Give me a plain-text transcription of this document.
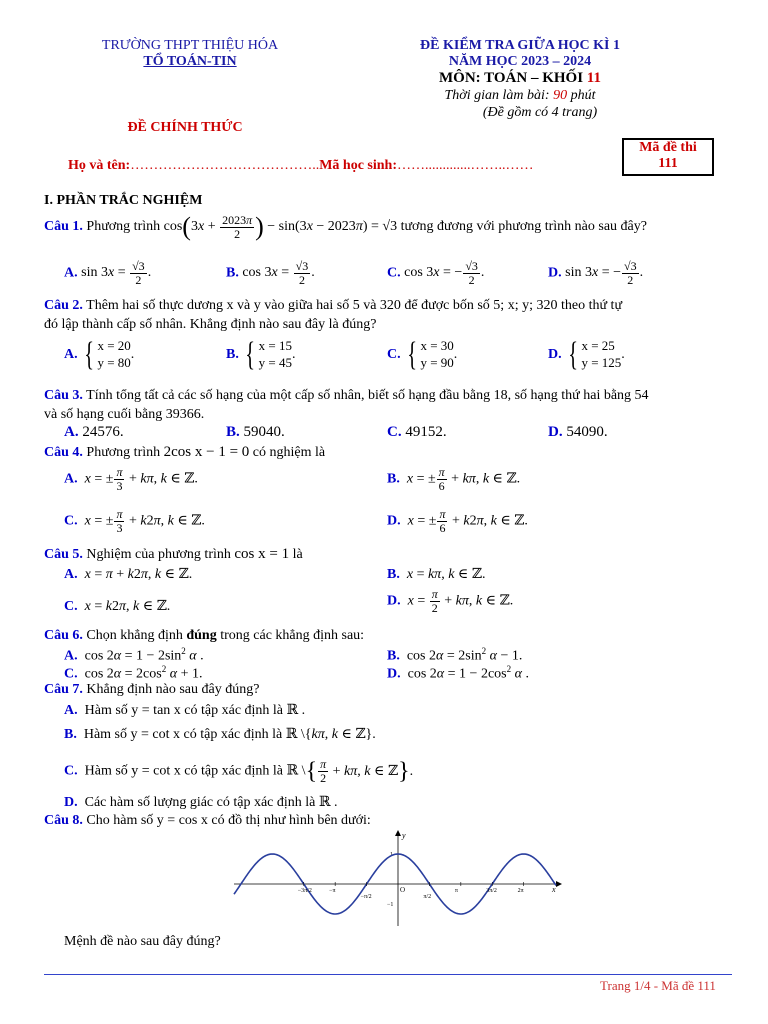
TRƯỜNG THPT THIỆU HÓA
TỔ TOÁN-TIN
ĐỀ KIỂM TRA GIỮA HỌC KÌ 1
NĂM HỌC 2023 – 2024
MÔN: TOÁN – KHỐI 11
Thời gian làm bài: 90 phút
(Đề gồm có 4 trang)
ĐỀ CHÍNH THỨC
Mã đề thi
111
Họ và tên:…………………………………..Mã học sinh:…….............……..……
I. PHẦN TRẮC NGHIỆM
Câu 1. Phương trình $\cos(3x + \frac{2023\pi}{2}$ ) − sin(3x − 2023π) = √3 tương đương với phương trình nào sau đây?
A. $\sin 3x = \frac{√3}{2}$ .	B. $\cos 3x = \frac{√3}{2}$ .	C. cos 3x = − $\frac{√3}{2}$ .	D. sin 3x = − $\frac{√3}{2}$ .
Câu 2. Thêm hai số thực dương x và y vào giữa hai số 5 và 320 để được bốn số 5; x; y; 320 theo thứ tự
đó lập thành cấp số nhân. Khẳng định nào sau đây là đúng?
A. { x = 20
y = 80
.	B. { x = 15
y = 45
.	C. { x = 30
y = 90
.	D. { x = 25
y = 125
.
Câu 3. Tính tổng tất cả các số hạng của một cấp số nhân, biết số hạng đầu bằng 18, số hạng thứ hai bằng 54
và số hạng cuối bằng 39366.
A. 24576.	B. 59040.	C. 49152.	D. 54090.
Câu 4. Phương trình 2cos x − 1 = 0 có nghiệm là
A. x = ± $\frac{\pi}{3} + k\pi$, k ∈ ℤ.	B. x = ± $\frac{\pi}{6} + k\pi$, k ∈ ℤ.
C. x = ± $\frac{\pi}{3} + k2\pi$, k ∈ ℤ.	D. x = ± $\frac{\pi}{6} + k2\pi$, k ∈ ℤ.
Câu 5. Nghiệm của phương trình cos x = 1 là
A. x = π + k2π, k ∈ ℤ.	B. x = kπ, k ∈ ℤ.
C. x = k2π, k ∈ ℤ.	D. $x = \frac{\pi}{2} + k\pi$, k ∈ ℤ.
Câu 6. Chọn khẳng định đúng trong các khẳng định sau:
A.  $\cos 2\alpha = 1 - 2\sin^2$ α .	B.  $\cos 2\alpha = 2\sin^2$ α − 1.
C.  $\cos 2\alpha = 2\cos^2$ α + 1.	D.  $\cos 2\alpha = 1 - 2\cos^2$ α .
Câu 7. Khẳng định nào sau đây đúng?
A. Hàm số y = tan x có tập xác định là ℝ .
B. Hàm số y = cot x có tập xác định là ℝ \{kπ, k ∈ ℤ}.
C. Hàm số y = cot x có tập xác định là ℝ \{ $\frac{\pi}{2} + k\pi$, k ∈ ℤ}.
D. Các hàm số lượng giác có tập xác định là ℝ .
Câu 8. Cho hàm số y = cos x có đồ thị như hình bên dưới:
x
y
O
1
−1
−3π/2	−π
−π/2	π/2
π	3π/2	2π
Mệnh đề nào sau đây đúng?
Trang 1/4 - Mã đề 111
